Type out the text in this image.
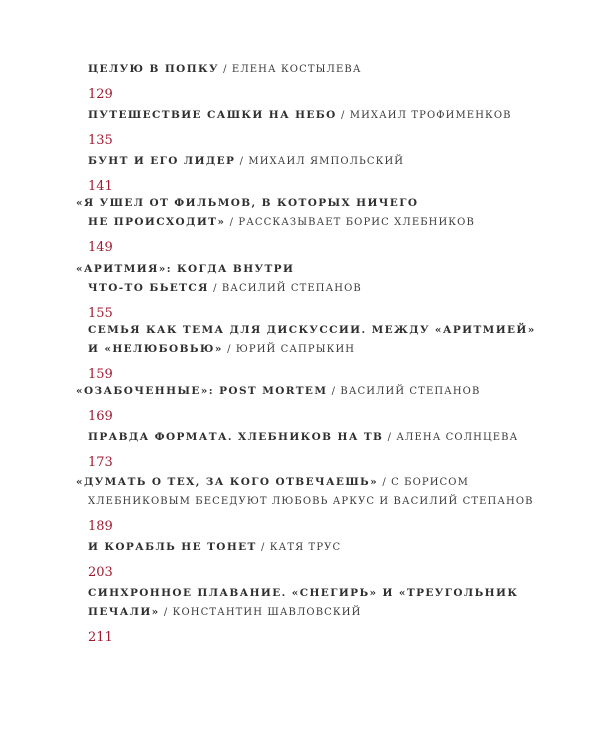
ЦЕЛУЮ В ПОПКУ / ЕЛЕНА КОСТЫЛЕВА
129
ПУТЕШЕСТВИЕ САШКИ НА НЕБО / МИХАИЛ ТРОФИМЕНКОВ
135
БУНТ И ЕГО ЛИДЕР / МИХАИЛ ЯМПОЛЬСКИЙ
141
«Я УШЕЛ ОТ ФИЛЬМОВ, В КОТОРЫХ НИЧЕГО
НЕ ПРОИСХОДИТ» / РАССКАЗЫВАЕТ БОРИС ХЛЕБНИКОВ
149
«АРИТМИЯ»: КОГДА ВНУТРИ
ЧТО-ТО БЬЕТСЯ / ВАСИЛИЙ СТЕПАНОВ
155
СЕМЬЯ КАК ТЕМА ДЛЯ ДИСКУССИИ. МЕЖДУ «АРИТМИЕЙ»
И «НЕЛЮБОВЬЮ» / ЮРИЙ САПРЫКИН
159
«ОЗАБОЧЕННЫЕ»: POST MORTEM / ВАСИЛИЙ СТЕПАНОВ
169
ПРАВДА ФОРМАТА. ХЛЕБНИКОВ НА ТВ / АЛЕНА СОЛНЦЕВА
173
«ДУМАТЬ О ТЕХ, ЗА КОГО ОТВЕЧАЕШЬ» / С БОРИСОМ
ХЛЕБНИКОВЫМ БЕСЕДУЮТ ЛЮБОВЬ АРКУС И ВАСИЛИЙ СТЕПАНОВ
189
И КОРАБЛЬ НЕ ТОНЕТ / КАТЯ ТРУС
203
СИНХРОННОЕ ПЛАВАНИЕ. «СНЕГИРЬ» И «ТРЕУГОЛЬНИК
ПЕЧАЛИ» / КОНСТАНТИН ШАВЛОВСКИЙ
211
